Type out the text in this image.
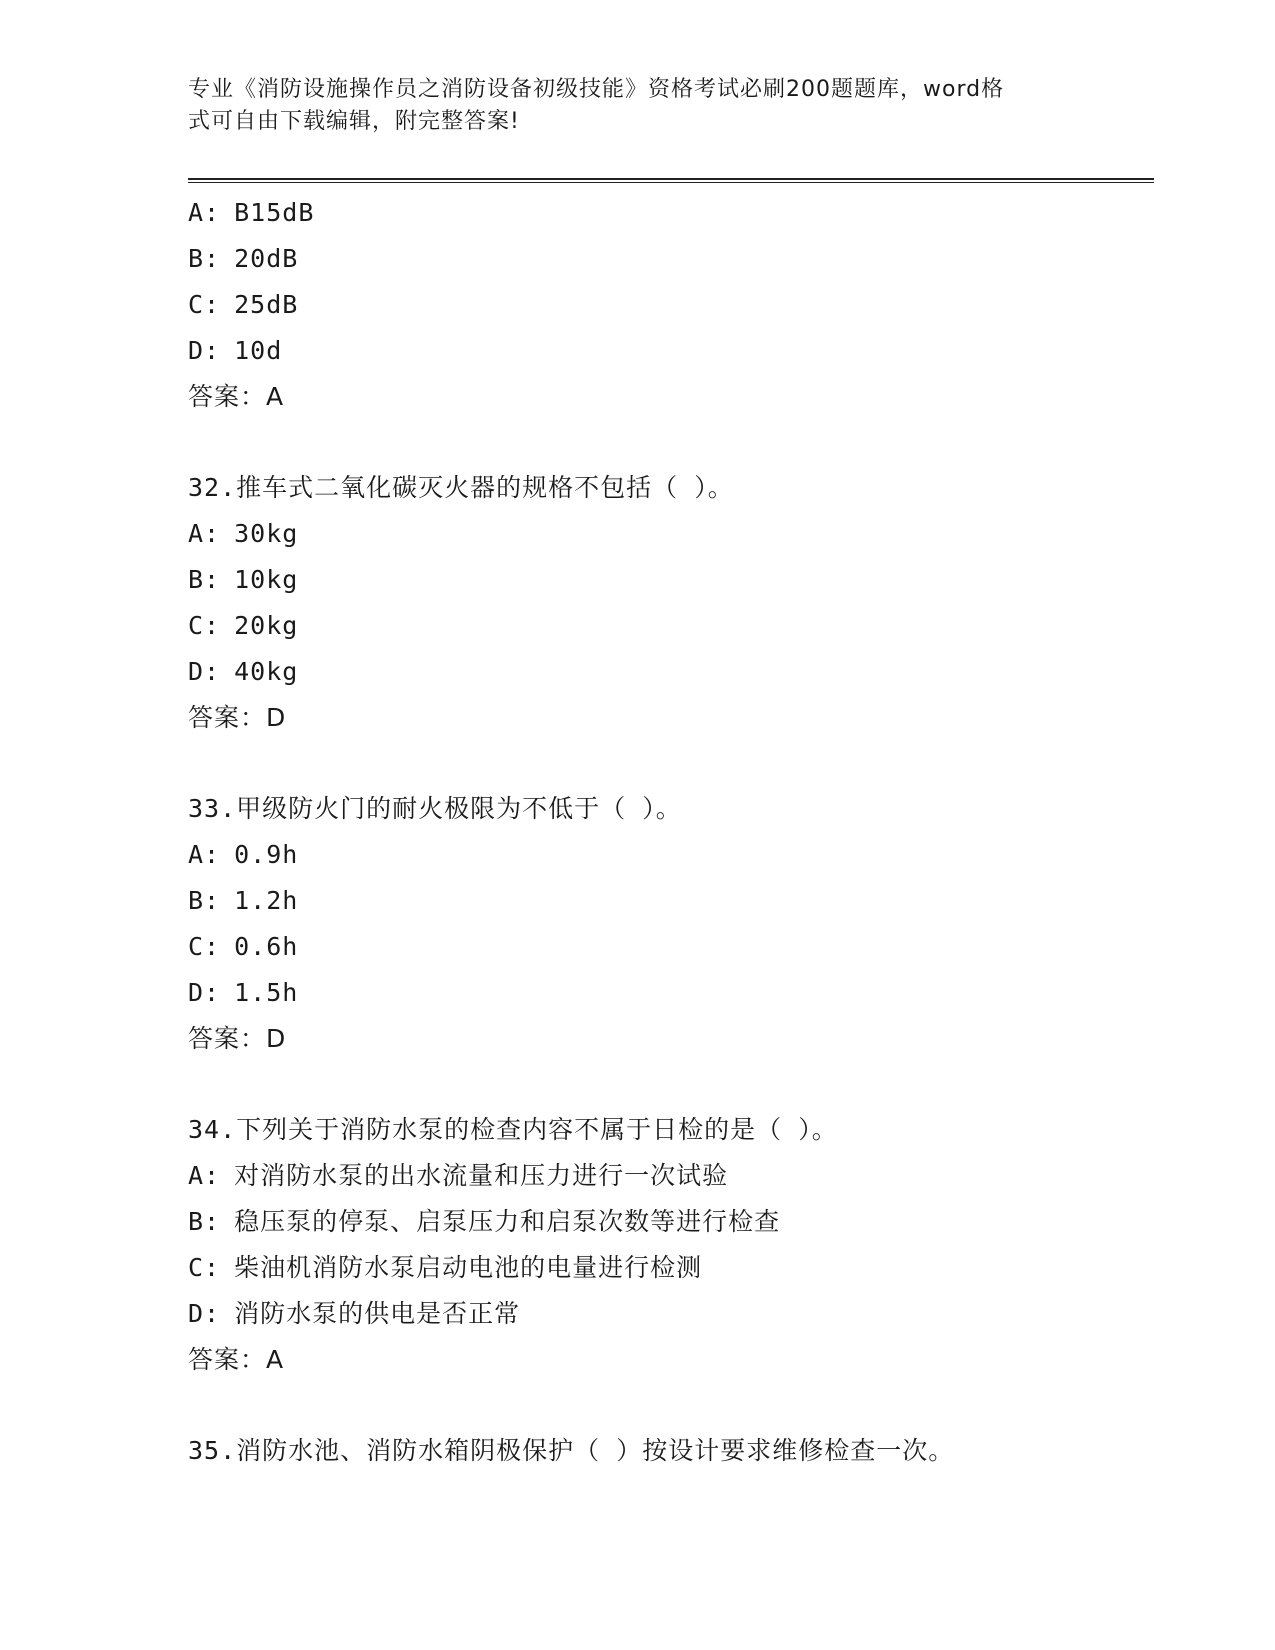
专业《消防设施操作员之消防设备初级技能》资格考试必刷200题题库，word格
式可自由下载编辑，附完整答案!
A: B15dB
B: 20dB
C: 25dB
D: 10d
答案：A
32.推车式二氧化碳灭火器的规格不包括（ ）。
A: 30kg
B: 10kg
C: 20kg
D: 40kg
答案：D
33.甲级防火门的耐火极限为不低于（ ）。
A: 0.9h
B: 1.2h
C: 0.6h
D: 1.5h
答案：D
34.下列关于消防水泵的检查内容不属于日检的是（ ）。
A: 对消防水泵的出水流量和压力进行一次试验
B: 稳压泵的停泵、启泵压力和启泵次数等进行检查
C: 柴油机消防水泵启动电池的电量进行检测
D: 消防水泵的供电是否正常
答案：A
35.消防水池、消防水箱阴极保护（ ）按设计要求维修检查一次。
